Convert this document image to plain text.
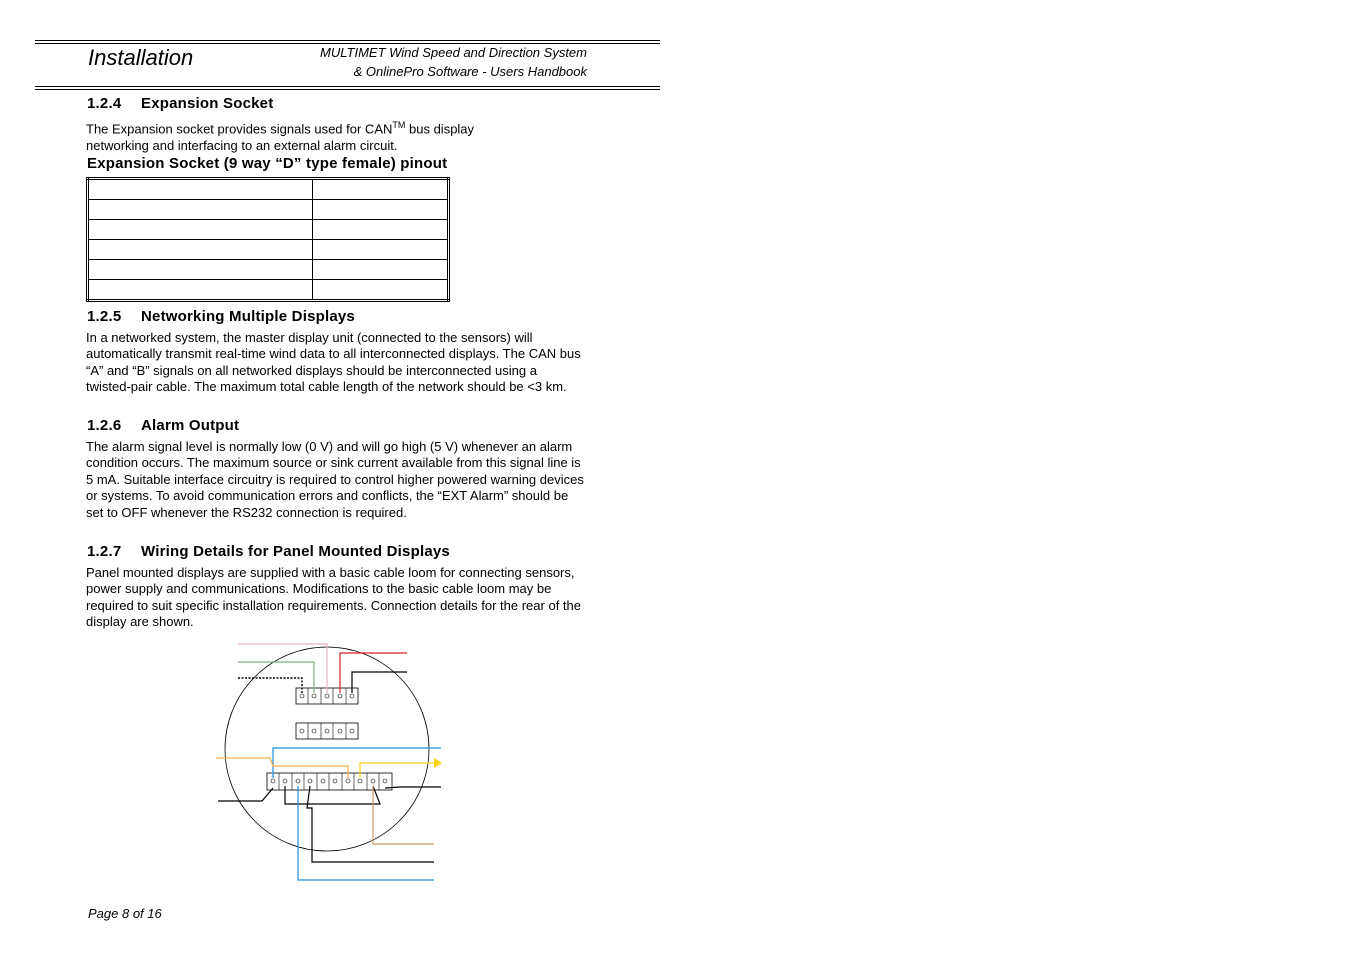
Installation	MULTIMET Wind Speed and Direction System
& OnlinePro Software - Users Handbook
1.2.4 Expansion Socket
The Expansion socket provides signals used for CAN™ bus display networking and interfacing to an external alarm circuit.
Expansion Socket (9 way “D” type female) pinout

1.2.5 Networking Multiple Displays
In a networked system, the master display unit (connected to the sensors) will automatically transmit real-time wind data to all interconnected displays. The CAN bus “A” and “B” signals on all networked displays should be interconnected using a twisted-pair cable. The maximum total cable length of the network should be <3 km.
1.2.6 Alarm Output
The alarm signal level is normally low (0 V) and will go high (5 V) whenever an alarm condition occurs. The maximum source or sink current available from this signal line is 5 mA. Suitable interface circuitry is required to control higher powered warning devices or systems. To avoid communication errors and conflicts, the “EXT Alarm” should be set to OFF whenever the RS232 connection is required.
1.2.7 Wiring Details for Panel Mounted Displays
Panel mounted displays are supplied with a basic cable loom for connecting sensors, power supply and communications. Modifications to the basic cable loom may be required to suit specific installation requirements. Connection details for the rear of the display are shown.
Page 8 of 16
